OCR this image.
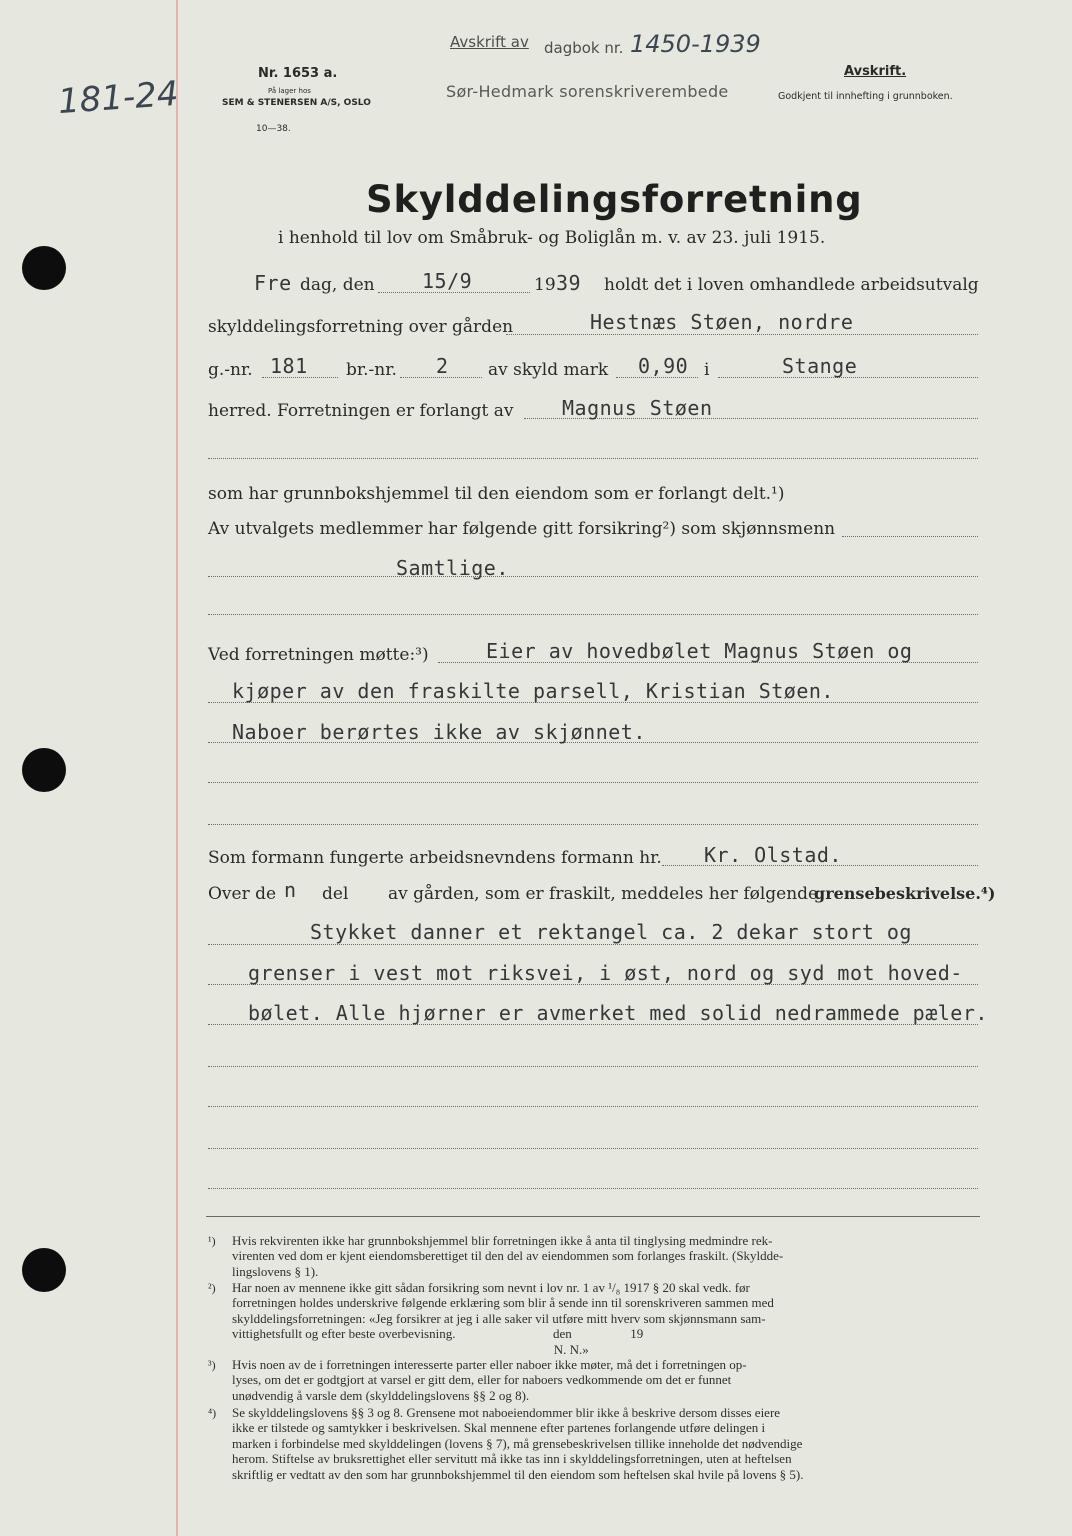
181-24
Nr. 1653 a.
På lager hos
SEM & STENERSEN A/S, OSLO
10—38.
Avskrift av dagbok nr. 1450-1939
Sør-Hedmark sorenskriverembede
Avskrift.
Godkjent til innhefting i grunnboken.
Skylddelingsforretning
i henhold til lov om Småbruk- og Boliglån m. v. av 23. juli 1915.
Fre dag, den 15/9	19 39 holdt det i loven omhandlede arbeidsutvalg
skylddelingsforretning over gården	Hestnæs Støen, nordre
g.-nr. 181 br.-nr. 2 av skyld mark 0,90 i	Stange
herred. Forretningen er forlangt av Magnus Støen
som har grunnbokshjemmel til den eiendom som er forlangt delt.¹)
Av utvalgets medlemmer har følgende gitt forsikring²) som skjønnsmenn
Samtlige.
Ved forretningen møtte:³)	Eier av hovedbølet Magnus Støen og
kjøper av den fraskilte parsell, Kristian Støen.
Naboer berørtes ikke av skjønnet.
Som formann fungerte arbeidsnevndens formann hr. Kr. Olstad.
Over de n del av gården, som er fraskilt, meddeles her følgende
grensebeskrivelse.⁴)
Stykket danner et rektangel ca. 2 dekar stort og
grenser i vest mot riksvei, i øst, nord og syd mot hoved-
bølet. Alle hjørner er avmerket med solid nedrammede pæler.
¹) Hvis rekvirenten ikke har grunnbokshjemmel blir forretningen ikke å anta til tinglysing medmindre rek-
virenten ved dom er kjent eiendomsberettiget til den del av eiendommen som forlanges fraskilt. (Skyldde-
lingslovens § 1).
²) Har noen av mennene ikke gitt sådan forsikring som nevnt i lov nr. 1 av ¹/₈ 1917 § 20 skal vedk. før
forretningen holdes underskrive følgende erklæring som blir å sende inn til sorenskriveren sammen med
skylddelingsforretningen: «Jeg forsikrer at jeg i alle saker vil utføre mitt hverv som skjønnsmann sam-
vittighetsfullt og efter beste overbevisning.                              den                  19
N. N.»
³) Hvis noen av de i forretningen interesserte parter eller naboer ikke møter, må det i forretningen op-
lyses, om det er godtgjort at varsel er gitt dem, eller for naboers vedkommende om det er funnet
unødvendig å varsle dem (skylddelingslovens §§ 2 og 8).
⁴) Se skylddelingslovens §§ 3 og 8. Grensene mot naboeiendommer blir ikke å beskrive dersom disses eiere
ikke er tilstede og samtykker i beskrivelsen. Skal mennene efter partenes forlangende utføre delingen i
marken i forbindelse med skylddelingen (lovens § 7), må grensebeskrivelsen tillike inneholde det nødvendige
herom. Stiftelse av bruksrettighet eller servitutt må ikke tas inn i skylddelingsforretningen, uten at heftelsen
skriftlig er vedtatt av den som har grunnbokshjemmel til den eiendom som heftelsen skal hvile på lovens § 5).
